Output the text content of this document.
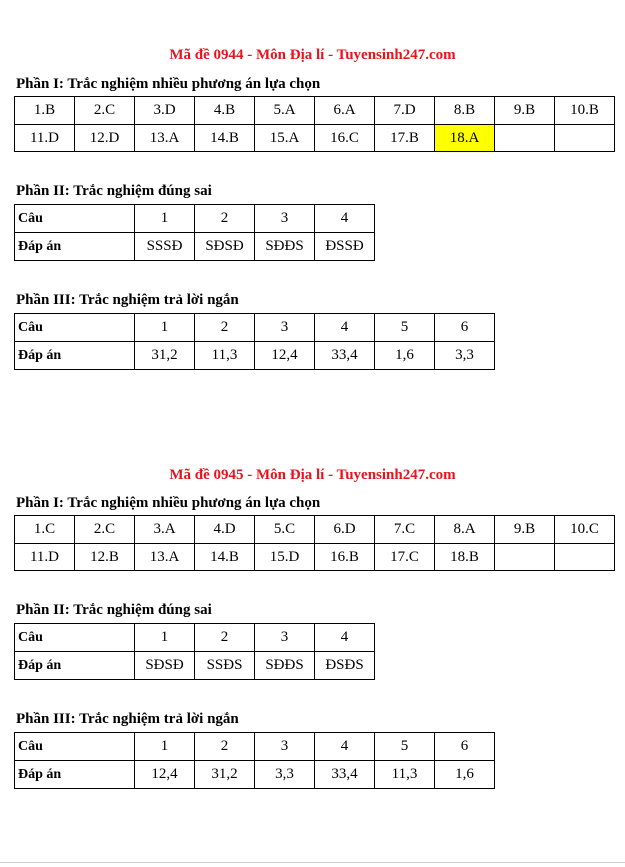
Mã đề 0944 - Môn Địa lí - Tuyensinh247.com
Phần I: Trắc nghiệm nhiều phương án lựa chọn
1.B	2.C	3.D	4.B	5.A	6.A	7.D	8.B	9.B	10.B
11.D	12.D	13.A	14.B	15.A	16.C	17.B	18.A		
Phần II: Trắc nghiệm đúng sai
Câu	1	2	3	4
Đáp án	SSSĐ	SĐSĐ	SĐĐS	ĐSSĐ
Phần III: Trắc nghiệm trả lời ngắn
Câu	1	2	3	4	5	6
Đáp án	31,2	11,3	12,4	33,4	1,6	3,3
Mã đề 0945 - Môn Địa lí - Tuyensinh247.com
Phần I: Trắc nghiệm nhiều phương án lựa chọn
1.C	2.C	3.A	4.D	5.C	6.D	7.C	8.A	9.B	10.C
11.D	12.B	13.A	14.B	15.D	16.B	17.C	18.B		
Phần II: Trắc nghiệm đúng sai
Câu	1	2	3	4
Đáp án	SĐSĐ	SSĐS	SĐĐS	ĐSĐS
Phần III: Trắc nghiệm trả lời ngắn
Câu	1	2	3	4	5	6
Đáp án	12,4	31,2	3,3	33,4	11,3	1,6
